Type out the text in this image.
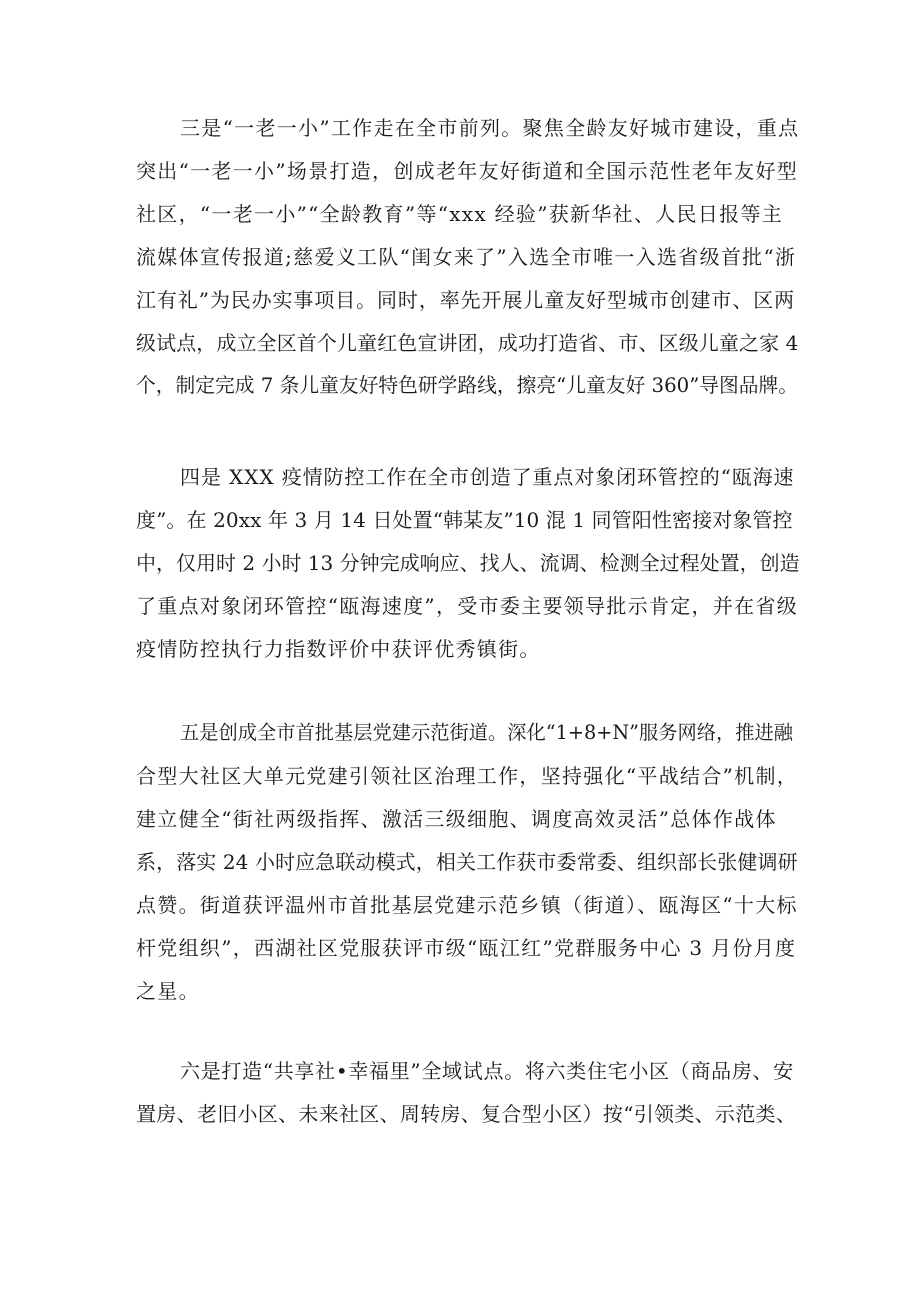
三是“一老一小”工作走在全市前列。聚焦全龄友好城市建设，重点
突出“一老一小”场景打造，创成老年友好街道和全国示范性老年友好型
社区，“一老一小”“全龄教育”等“xxx 经验”获新华社、人民日报等主
流媒体宣传报道;慈爱义工队“闺女来了”入选全市唯一入选省级首批“浙
江有礼”为民办实事项目。同时，率先开展儿童友好型城市创建市、区两
级试点，成立全区首个儿童红色宣讲团，成功打造省、市、区级儿童之家 4
个，制定完成 7 条儿童友好特色研学路线，擦亮“儿童友好 360”导图品牌。
四是 XXX 疫情防控工作在全市创造了重点对象闭环管控的“瓯海速
度”。在 20xx 年 3 月 14 日处置“韩某友”10 混 1 同管阳性密接对象管控
中，仅用时 2 小时 13 分钟完成响应、找人、流调、检测全过程处置，创造
了重点对象闭环管控“瓯海速度”，受市委主要领导批示肯定，并在省级
疫情防控执行力指数评价中获评优秀镇街。
五是创成全市首批基层党建示范街道。深化“1+8+N”服务网络，推进融
合型大社区大单元党建引领社区治理工作，坚持强化“平战结合”机制，
建立健全“街社两级指挥、激活三级细胞、调度高效灵活”总体作战体
系，落实 24 小时应急联动模式，相关工作获市委常委、组织部长张健调研
点赞。街道获评温州市首批基层党建示范乡镇（街道）、瓯海区“十大标
杆党组织”，西湖社区党服获评市级“瓯江红”党群服务中心 3 月份月度
之星。
六是打造“共享社•幸福里”全域试点。将六类住宅小区（商品房、安
置房、老旧小区、未来社区、周转房、复合型小区）按“引领类、示范类、
